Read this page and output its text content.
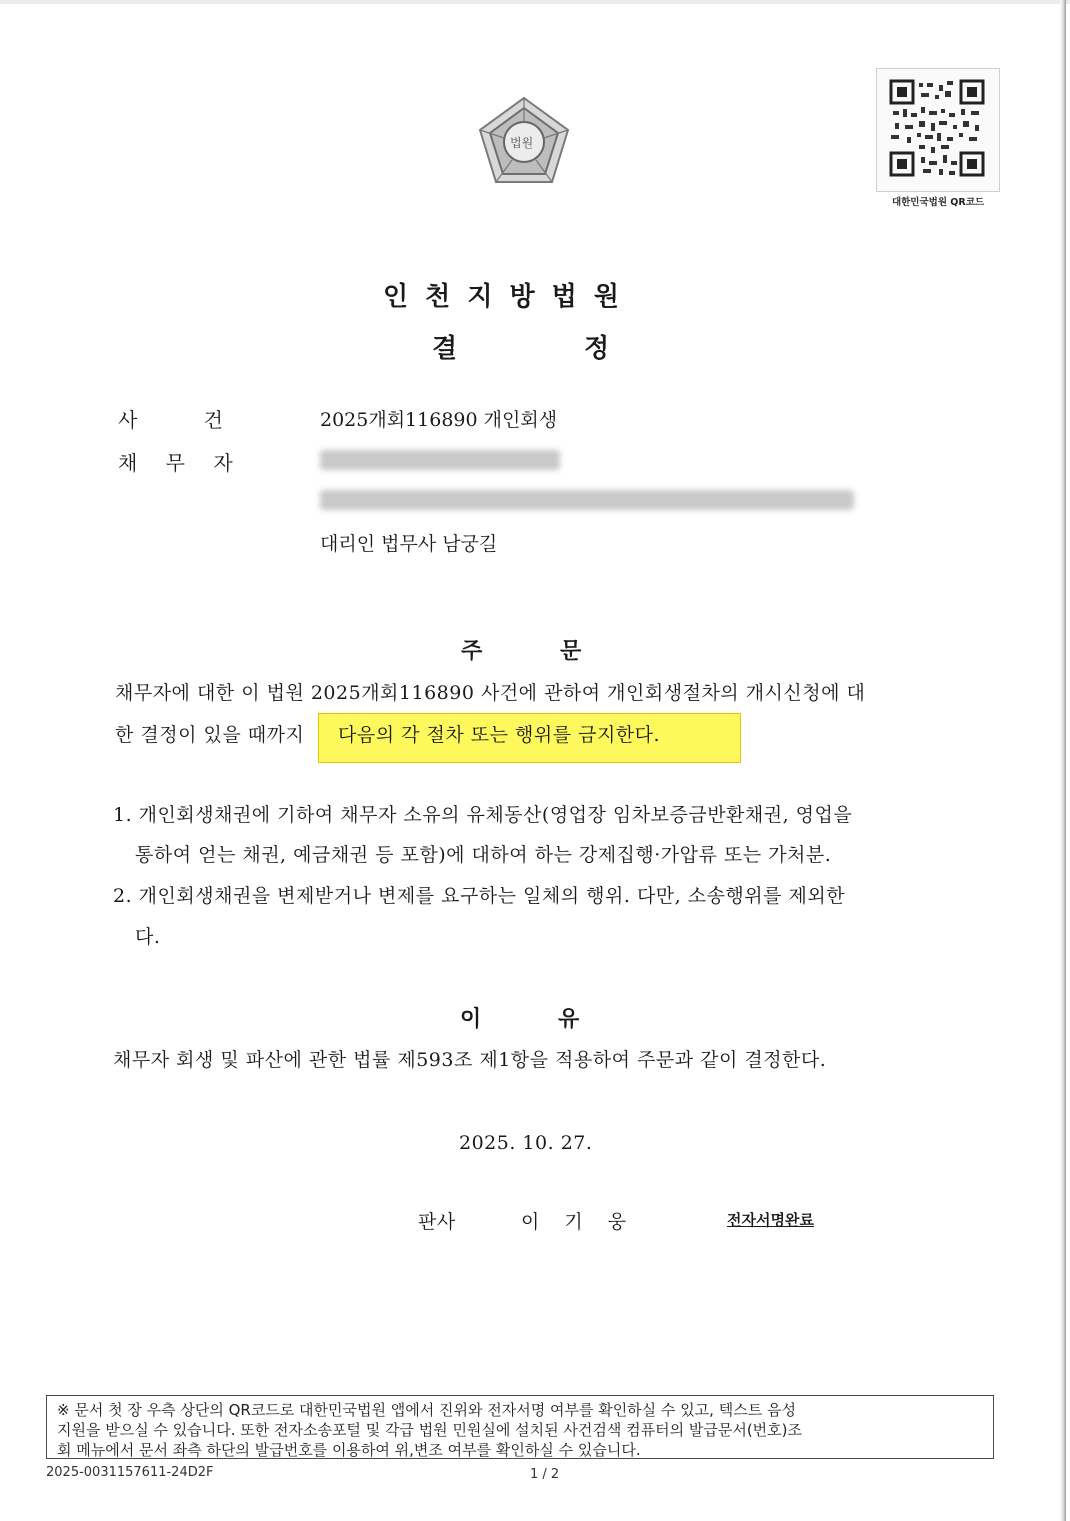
법원
대한민국법원 QR코드
인 천 지 방 법 원
결	정
사 건	2025개회116890 개인회생
채 무 자
대리인 법무사 남궁길
주	문
채무자에 대한 이 법원 2025개회116890 사건에 관하여 개인회생절차의 개시신청에 대
한 결정이 있을 때까지 다음의 각 절차 또는 행위를 금지한다.
1. 개인회생채권에 기하여 채무자 소유의 유체동산(영업장 임차보증금반환채권, 영업을
통하여 얻는 채권, 예금채권 등 포함)에 대하여 하는 강제집행·가압류 또는 가처분.
2. 개인회생채권을 변제받거나 변제를 요구하는 일체의 행위. 다만, 소송행위를 제외한
다.
이	유
채무자 회생 및 파산에 관한 법률 제593조 제1항을 적용하여 주문과 같이 결정한다.
2025. 10. 27.
판사	이 기 웅	전자서명완료
※ 문서 첫 장 우측 상단의 QR코드로 대한민국법원 앱에서 진위와 전자서명 여부를 확인하실 수 있고, 텍스트 음성
지원을 받으실 수 있습니다. 또한 전자소송포털 및 각급 법원 민원실에 설치된 사건검색 컴퓨터의 발급문서(번호)조
회 메뉴에서 문서 좌측 하단의 발급번호를 이용하여 위,변조 여부를 확인하실 수 있습니다.
2025-0031157611-24D2F	1 / 2
